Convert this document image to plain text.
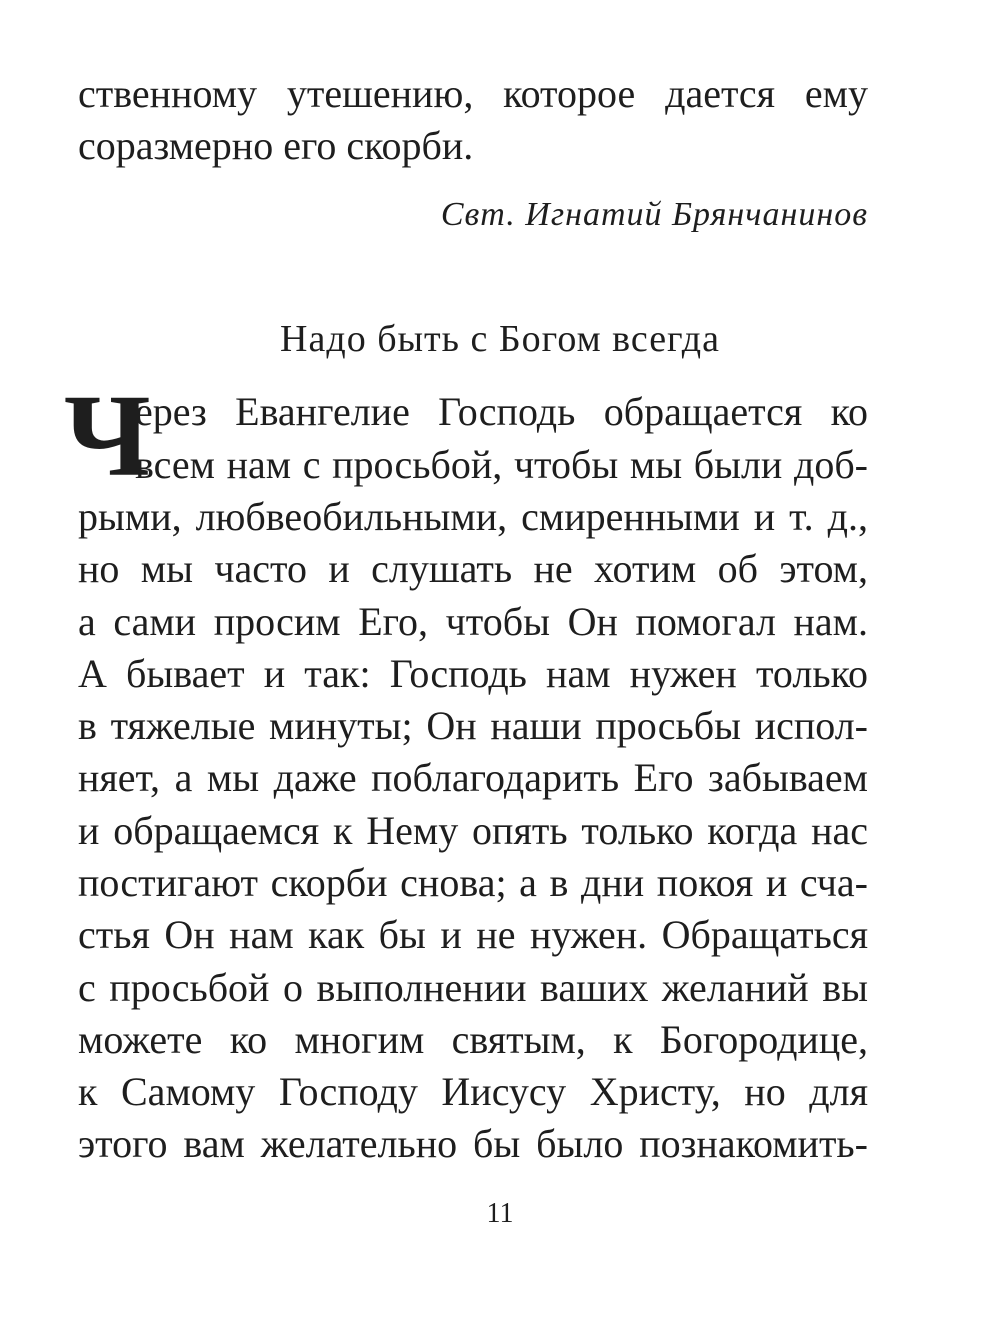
ственному утешению, которое дается ему
соразмерно его скорби.
Свт. Игнатий Брянчанинов
Надо быть с Богом всегда
Ч
ерез Евангелие Господь обращается ко
всем нам с просьбой, чтобы мы были доб-
рыми, любвеобильными, смиренными и т. д.,
но мы часто и слушать не хотим об этом,
а сами просим Его, чтобы Он помогал нам.
А бывает и так: Господь нам нужен только
в тяжелые минуты; Он наши просьбы испол-
няет, а мы даже поблагодарить Его забываем
и обращаемся к Нему опять только когда нас
постигают скорби снова; а в дни покоя и сча-
стья Он нам как бы и не нужен. Обращаться
с просьбой о выполнении ваших желаний вы
можете ко многим святым, к Богородице,
к Самому Господу Иисусу Христу, но для
этого вам желательно бы было познакомить-
11
